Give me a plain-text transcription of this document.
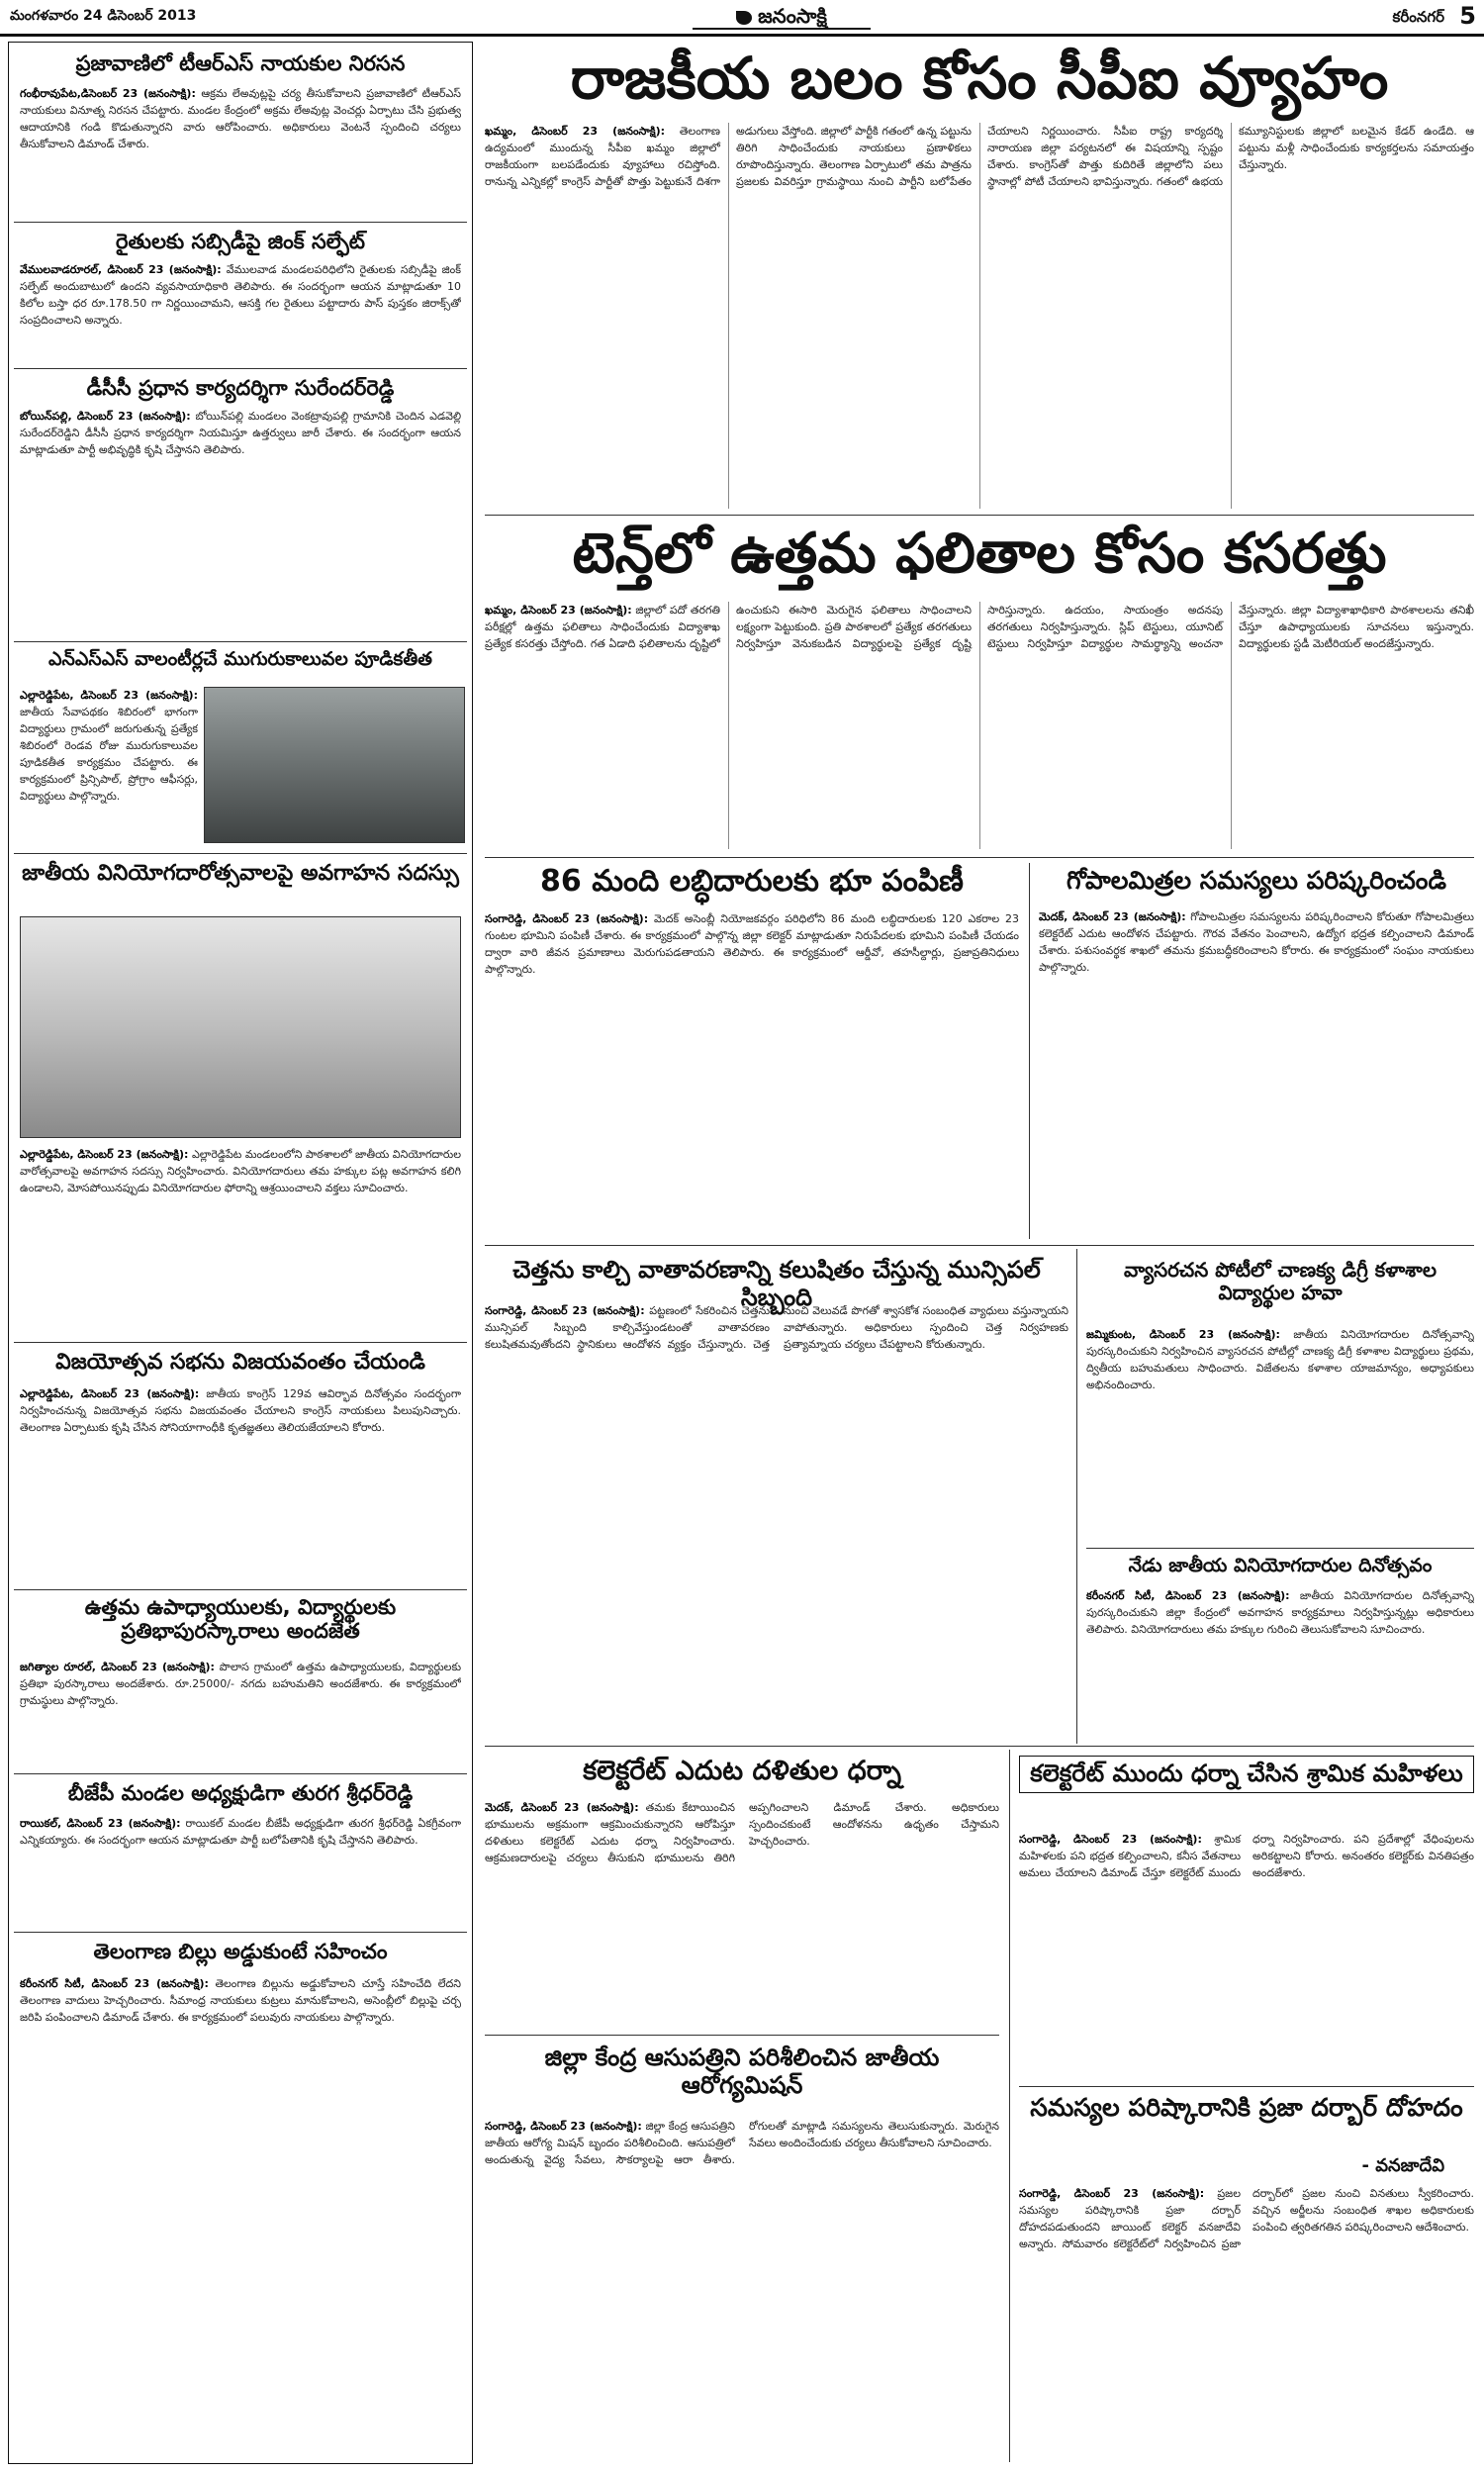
మంగళవారం 24 డిసెంబర్ 2013	జనంసాక్షి	కరీంనగర్ 5
ప్రజావాణిలో టీఆర్ఎస్ నాయకుల నిరసన
గంభీరావుపేట,డిసెంబర్ 23 (జనంసాక్షి): ఆక్రమ లేఅవుట్లపై చర్య తీసుకోవాలని ప్రజావాణిలో టీఆర్ఎస్ నాయకులు వినూత్న నిరసన చేపట్టారు. మండల కేంద్రంలో అక్రమ లేఅవుట్ల వెంచర్లు ఏర్పాటు చేసి ప్రభుత్వ ఆదాయానికి గండి కొడుతున్నారని వారు ఆరోపించారు. అధికారులు వెంటనే స్పందించి చర్యలు తీసుకోవాలని డిమాండ్ చేశారు.
రైతులకు సబ్సిడీపై జింక్ సల్ఫేట్
వేములవాడరూరల్, డిసెంబర్ 23 (జనంసాక్షి): వేములవాడ మండలపరిధిలోని రైతులకు సబ్సిడీపై జింక్ సల్ఫేట్ అందుబాటులో ఉందని వ్యవసాయాధికారి తెలిపారు. ఈ సందర్భంగా ఆయన మాట్లాడుతూ 10 కిలోల బస్తా ధర రూ.178.50 గా నిర్ణయించామని, ఆసక్తి గల రైతులు పట్టాదారు పాస్ పుస్తకం జిరాక్స్‌తో సంప్రదించాలని అన్నారు.
డీసీసీ ప్రధాన కార్యదర్శిగా సురేందర్‌రెడ్డి
బోయిన్‌పల్లి, డిసెంబర్ 23 (జనంసాక్షి): బోయిన్‌పల్లి మండలం వెంకట్రావుపల్లి గ్రామానికి చెందిన ఎడవెల్లి సురేందర్‌రెడ్డిని డీసీసీ ప్రధాన కార్యదర్శిగా నియమిస్తూ ఉత్తర్వులు జారీ చేశారు. ఈ సందర్భంగా ఆయన మాట్లాడుతూ పార్టీ అభివృద్ధికి కృషి చేస్తానని తెలిపారు.
ఎన్ఎస్ఎస్ వాలంటీర్లచే ముగురుకాలువల పూడికతీత
ఎల్లారెడ్డిపేట, డిసెంబర్ 23 (జనంసాక్షి): జాతీయ సేవాపథకం శిబిరంలో భాగంగా విద్యార్థులు గ్రామంలో జరుగుతున్న ప్రత్యేక శిబిరంలో రెండవ రోజు మురుగుకాలువల పూడికతీత కార్యక్రమం చేపట్టారు. ఈ కార్యక్రమంలో ప్రిన్సిపాల్, ప్రోగ్రాం ఆఫీసర్లు, విద్యార్థులు పాల్గొన్నారు.
జాతీయ వినియోగదారోత్సవాలపై అవగాహన సదస్సు
ఎల్లారెడ్డిపేట, డిసెంబర్ 23 (జనంసాక్షి): ఎల్లారెడ్డిపేట మండలంలోని పాఠశాలలో జాతీయ వినియోగదారుల వారోత్సవాలపై అవగాహన సదస్సు నిర్వహించారు. వినియోగదారులు తమ హక్కుల పట్ల అవగాహన కలిగి ఉండాలని, మోసపోయినప్పుడు వినియోగదారుల ఫోరాన్ని ఆశ్రయించాలని వక్తలు సూచించారు.
విజయోత్సవ సభను విజయవంతం చేయండి
ఎల్లారెడ్డిపేట, డిసెంబర్ 23 (జనంసాక్షి): జాతీయ కాంగ్రెస్ 129వ ఆవిర్భావ దినోత్సవం సందర్భంగా నిర్వహించనున్న విజయోత్సవ సభను విజయవంతం చేయాలని కాంగ్రెస్ నాయకులు పిలుపునిచ్చారు. తెలంగాణ ఏర్పాటుకు కృషి చేసిన సోనియాగాంధీకి కృతజ్ఞతలు తెలియజేయాలని కోరారు.
ఉత్తమ ఉపాధ్యాయులకు, విద్యార్థులకు ప్రతిభాపురస్కారాలు అందజేత
జగిత్యాల రూరల్, డిసెంబర్ 23 (జనంసాక్షి): పొలాస గ్రామంలో ఉత్తమ ఉపాధ్యాయులకు, విద్యార్థులకు ప్రతిభా పురస్కారాలు అందజేశారు. రూ.25000/- నగదు బహుమతిని అందజేశారు. ఈ కార్యక్రమంలో గ్రామస్థులు పాల్గొన్నారు.
బీజేపీ మండల అధ్యక్షుడిగా తురగ శ్రీధర్‌రెడ్డి
రాయికల్, డిసెంబర్ 23 (జనంసాక్షి): రాయికల్ మండల బీజేపీ అధ్యక్షుడిగా తురగ శ్రీధర్‌రెడ్డి ఏకగ్రీవంగా ఎన్నికయ్యారు. ఈ సందర్భంగా ఆయన మాట్లాడుతూ పార్టీ బలోపేతానికి కృషి చేస్తానని తెలిపారు.
తెలంగాణ బిల్లు అడ్డుకుంటే సహించం
కరీంనగర్ సిటీ, డిసెంబర్ 23 (జనంసాక్షి): తెలంగాణ బిల్లును అడ్డుకోవాలని చూస్తే సహించేది లేదని తెలంగాణ వాదులు హెచ్చరించారు. సీమాంధ్ర నాయకులు కుట్రలు మానుకోవాలని, అసెంబ్లీలో బిల్లుపై చర్చ జరిపి పంపించాలని డిమాండ్ చేశారు. ఈ కార్యక్రమంలో పలువురు నాయకులు పాల్గొన్నారు.
రాజకీయ బలం కోసం సీపీఐ వ్యూహం
ఖమ్మం, డిసెంబర్ 23 (జనంసాక్షి): తెలంగాణ ఉద్యమంలో ముందున్న సీపీఐ ఖమ్మం జిల్లాలో రాజకీయంగా బలపడేందుకు వ్యూహాలు రచిస్తోంది. రానున్న ఎన్నికల్లో కాంగ్రెస్ పార్టీతో పొత్తు పెట్టుకునే దిశగా అడుగులు వేస్తోంది. జిల్లాలో పార్టీకి గతంలో ఉన్న పట్టును తిరిగి సాధించేందుకు నాయకులు ప్రణాళికలు రూపొందిస్తున్నారు. తెలంగాణ ఏర్పాటులో తమ పాత్రను ప్రజలకు వివరిస్తూ గ్రామస్థాయి నుంచి పార్టీని బలోపేతం చేయాలని నిర్ణయించారు. సీపీఐ రాష్ట్ర కార్యదర్శి నారాయణ జిల్లా పర్యటనలో ఈ విషయాన్ని స్పష్టం చేశారు. కాంగ్రెస్‌తో పొత్తు కుదిరితే జిల్లాలోని పలు స్థానాల్లో పోటీ చేయాలని భావిస్తున్నారు. గతంలో ఉభయ కమ్యూనిస్టులకు జిల్లాలో బలమైన కేడర్ ఉండేది. ఆ పట్టును మళ్లీ సాధించేందుకు కార్యకర్తలను సమాయత్తం చేస్తున్నారు.
టెన్త్‌లో ఉత్తమ ఫలితాల కోసం కసరత్తు
ఖమ్మం, డిసెంబర్ 23 (జనంసాక్షి): జిల్లాలో పదో తరగతి పరీక్షల్లో ఉత్తమ ఫలితాలు సాధించేందుకు విద్యాశాఖ ప్రత్యేక కసరత్తు చేస్తోంది. గత ఏడాది ఫలితాలను దృష్టిలో ఉంచుకుని ఈసారి మెరుగైన ఫలితాలు సాధించాలని లక్ష్యంగా పెట్టుకుంది. ప్రతి పాఠశాలలో ప్రత్యేక తరగతులు నిర్వహిస్తూ వెనుకబడిన విద్యార్థులపై ప్రత్యేక దృష్టి సారిస్తున్నారు. ఉదయం, సాయంత్రం అదనపు తరగతులు నిర్వహిస్తున్నారు. స్లిప్ టెస్టులు, యూనిట్ టెస్టులు నిర్వహిస్తూ విద్యార్థుల సామర్థ్యాన్ని అంచనా వేస్తున్నారు. జిల్లా విద్యాశాఖాధికారి పాఠశాలలను తనిఖీ చేస్తూ ఉపాధ్యాయులకు సూచనలు ఇస్తున్నారు. విద్యార్థులకు స్టడీ మెటీరియల్ అందజేస్తున్నారు.
86 మంది లబ్ధిదారులకు భూ పంపిణీ
సంగారెడ్డి, డిసెంబర్ 23 (జనంసాక్షి): మెదక్ అసెంబ్లీ నియోజకవర్గం పరిధిలోని 86 మంది లబ్ధిదారులకు 120 ఎకరాల 23 గుంటల భూమిని పంపిణీ చేశారు. ఈ కార్యక్రమంలో పాల్గొన్న జిల్లా కలెక్టర్ మాట్లాడుతూ నిరుపేదలకు భూమిని పంపిణీ చేయడం ద్వారా వారి జీవన ప్రమాణాలు మెరుగుపడతాయని తెలిపారు. ఈ కార్యక్రమంలో ఆర్డీవో, తహసీల్దార్లు, ప్రజాప్రతినిధులు పాల్గొన్నారు.
గోపాలమిత్రల సమస్యలు పరిష్కరించండి
మెదక్, డిసెంబర్ 23 (జనంసాక్షి): గోపాలమిత్రల సమస్యలను పరిష్కరించాలని కోరుతూ గోపాలమిత్రలు కలెక్టరేట్ ఎదుట ఆందోళన చేపట్టారు. గౌరవ వేతనం పెంచాలని, ఉద్యోగ భద్రత కల్పించాలని డిమాండ్ చేశారు. పశుసంవర్థక శాఖలో తమను క్రమబద్ధీకరించాలని కోరారు. ఈ కార్యక్రమంలో సంఘం నాయకులు పాల్గొన్నారు.
చెత్తను కాల్చి వాతావరణాన్ని కలుషితం చేస్తున్న మున్సిపల్ సిబ్బంది
సంగారెడ్డి, డిసెంబర్ 23 (జనంసాక్షి): పట్టణంలో సేకరించిన చెత్తను మున్సిపల్ సిబ్బంది కాల్చివేస్తుండటంతో వాతావరణం కలుషితమవుతోందని స్థానికులు ఆందోళన వ్యక్తం చేస్తున్నారు. చెత్త నుంచి వెలువడే పొగతో శ్వాసకోశ సంబంధిత వ్యాధులు వస్తున్నాయని వాపోతున్నారు. అధికారులు స్పందించి చెత్త నిర్వహణకు ప్రత్యామ్నాయ చర్యలు చేపట్టాలని కోరుతున్నారు.
వ్యాసరచన పోటీలో చాణక్య డిగ్రీ కళాశాల విద్యార్థుల హవా
జమ్మికుంట, డిసెంబర్ 23 (జనంసాక్షి): జాతీయ వినియోగదారుల దినోత్సవాన్ని పురస్కరించుకుని నిర్వహించిన వ్యాసరచన పోటీల్లో చాణక్య డిగ్రీ కళాశాల విద్యార్థులు ప్రథమ, ద్వితీయ బహుమతులు సాధించారు. విజేతలను కళాశాల యాజమాన్యం, అధ్యాపకులు అభినందించారు.
నేడు జాతీయ వినియోగదారుల దినోత్సవం
కరీంనగర్ సిటీ, డిసెంబర్ 23 (జనంసాక్షి): జాతీయ వినియోగదారుల దినోత్సవాన్ని పురస్కరించుకుని జిల్లా కేంద్రంలో అవగాహన కార్యక్రమాలు నిర్వహిస్తున్నట్లు అధికారులు తెలిపారు. వినియోగదారులు తమ హక్కుల గురించి తెలుసుకోవాలని సూచించారు.
కలెక్టరేట్ ఎదుట దళితుల ధర్నా
మెదక్, డిసెంబర్ 23 (జనంసాక్షి): తమకు కేటాయించిన భూములను అక్రమంగా ఆక్రమించుకున్నారని ఆరోపిస్తూ దళితులు కలెక్టరేట్ ఎదుట ధర్నా నిర్వహించారు. ఆక్రమణదారులపై చర్యలు తీసుకుని భూములను తిరిగి అప్పగించాలని డిమాండ్ చేశారు. అధికారులు స్పందించకుంటే ఆందోళనను ఉధృతం చేస్తామని హెచ్చరించారు.
జిల్లా కేంద్ర ఆసుపత్రిని పరిశీలించిన జాతీయ ఆరోగ్యమిషన్
సంగారెడ్డి, డిసెంబర్ 23 (జనంసాక్షి): జిల్లా కేంద్ర ఆసుపత్రిని జాతీయ ఆరోగ్య మిషన్ బృందం పరిశీలించింది. ఆసుపత్రిలో అందుతున్న వైద్య సేవలు, సౌకర్యాలపై ఆరా తీశారు. రోగులతో మాట్లాడి సమస్యలను తెలుసుకున్నారు. మెరుగైన సేవలు అందించేందుకు చర్యలు తీసుకోవాలని సూచించారు.
కలెక్టరేట్ ముందు ధర్నా చేసిన శ్రామిక మహిళలు
సంగారెడ్డి, డిసెంబర్ 23 (జనంసాక్షి): శ్రామిక మహిళలకు పని భద్రత కల్పించాలని, కనీస వేతనాలు అమలు చేయాలని డిమాండ్ చేస్తూ కలెక్టరేట్ ముందు ధర్నా నిర్వహించారు. పని ప్రదేశాల్లో వేధింపులను అరికట్టాలని కోరారు. అనంతరం కలెక్టర్‌కు వినతిపత్రం అందజేశారు.
సమస్యల పరిష్కారానికి ప్రజా దర్బార్ దోహదం
- వనజాదేవి
సంగారెడ్డి, డిసెంబర్ 23 (జనంసాక్షి): ప్రజల సమస్యల పరిష్కారానికి ప్రజా దర్బార్ దోహదపడుతుందని జాయింట్ కలెక్టర్ వనజాదేవి అన్నారు. సోమవారం కలెక్టరేట్‌లో నిర్వహించిన ప్రజా దర్బార్‌లో ప్రజల నుంచి వినతులు స్వీకరించారు. వచ్చిన అర్జీలను సంబంధిత శాఖల అధికారులకు పంపించి త్వరితగతిన పరిష్కరించాలని ఆదేశించారు.
